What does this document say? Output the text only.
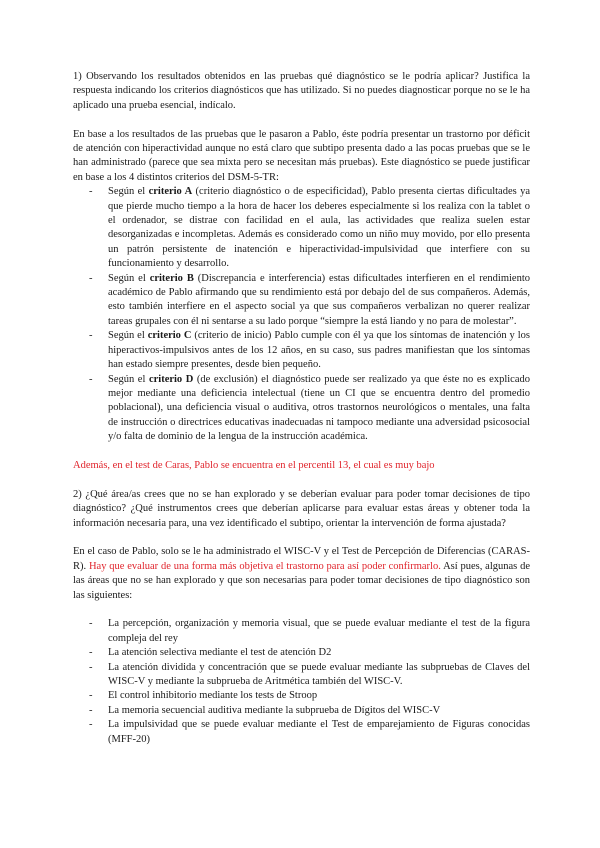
1) Observando los resultados obtenidos en las pruebas qué diagnóstico se le podría aplicar? Justifica la respuesta indicando los criterios diagnósticos que has utilizado. Si no puedes diagnosticar porque no se le ha aplicado una prueba esencial, indícalo.

En base a los resultados de las pruebas que le pasaron a Pablo, éste podría presentar un trastorno por déficit de atención con hiperactividad aunque no está claro que subtipo presenta dado a las pocas pruebas que se le han administrado (parece que sea mixta pero se necesitan más pruebas). Este diagnóstico se puede justificar en base a los 4 distintos criterios del DSM-5-TR:

- Según el criterio A (criterio diagnóstico o de especificidad), Pablo presenta ciertas dificultades ya que pierde mucho tiempo a la hora de hacer los deberes especialmente si los realiza con la tablet o el ordenador, se distrae con facilidad en el aula, las actividades que realiza suelen estar desorganizadas e incompletas. Además es considerado como un niño muy movido, por ello presenta un patrón persistente de inatención e hiperactividad-impulsividad que interfiere con su funcionamiento y desarrollo.
- Según el criterio B (Discrepancia e interferencia) estas dificultades interfieren en el rendimiento académico de Pablo afirmando que su rendimiento está por debajo del de sus compañeros. Además, esto también interfiere en el aspecto social ya que sus compañeros verbalizan no querer realizar tareas grupales con él ni sentarse a su lado porque “siempre la está liando y no para de molestar”.
- Según el criterio C (criterio de inicio) Pablo cumple con él ya que los síntomas de inatención y los hiperactivos-impulsivos antes de los 12 años, en su caso, sus padres manifiestan que los síntomas han estado siempre presentes, desde bien pequeño.
- Según el criterio D (de exclusión) el diagnóstico puede ser realizado ya que éste no es explicado mejor mediante una deficiencia intelectual (tiene un CI que se encuentra dentro del promedio poblacional), una deficiencia visual o auditiva, otros trastornos neurológicos o mentales, una falta de instrucción o directrices educativas inadecuadas ni tampoco mediante una adversidad psicosocial y/o falta de dominio de la lengua de la instrucción académica.

Además, en el test de Caras, Pablo se encuentra en el percentil 13, el cual es muy bajo

2) ¿Qué área/as crees que no se han explorado y se deberían evaluar para poder tomar decisiones de tipo diagnóstico? ¿Qué instrumentos crees que deberían aplicarse para evaluar estas áreas y obtener toda la información necesaria para, una vez identificado el subtipo, orientar la intervención de forma ajustada?

En el caso de Pablo, solo se le ha administrado el WISC-V y el Test de Percepción de Diferencias (CARAS-R). Hay que evaluar de una forma más objetiva el trastorno para así poder confirmarlo. Así pues, algunas de las áreas que no se han explorado y que son necesarias para poder tomar decisiones de tipo diagnóstico son las siguientes:

- La percepción, organización y memoria visual, que se puede evaluar mediante el test de la figura compleja del rey
- La atención selectiva mediante el test de atención D2
- La atención dividida y concentración que se puede evaluar mediante las subpruebas de Claves del WISC-V y mediante la subprueba de Aritmética también del WISC-V.
- El control inhibitorio mediante los tests de Stroop
- La memoria secuencial auditiva mediante la subprueba de Dígitos del WISC-V
- La impulsividad que se puede evaluar mediante el Test de emparejamiento de Figuras conocidas (MFF-20)
